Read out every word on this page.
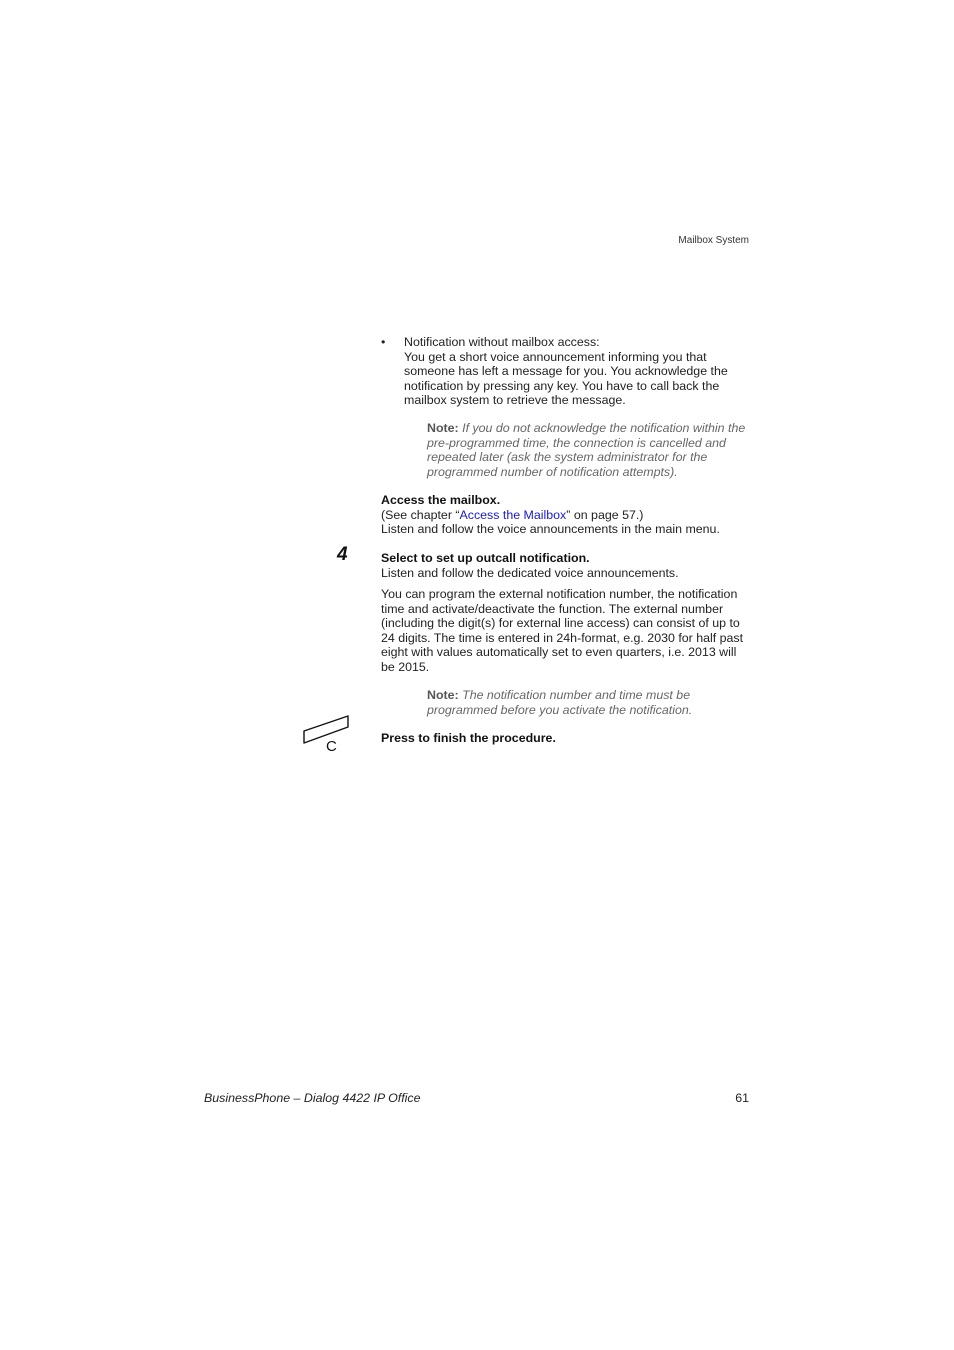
Mailbox System
• Notification without mailbox access:
You get a short voice announcement informing you that
someone has left a message for you. You acknowledge the
notification by pressing any key. You have to call back the
mailbox system to retrieve the message.
Note: If you do not acknowledge the notification within the
pre-programmed time, the connection is cancelled and
repeated later (ask the system administrator for the
programmed number of notification attempts).
Access the mailbox.
(See chapter “Access the Mailbox” on page 57.)
Listen and follow the voice announcements in the main menu.
4	Select to set up outcall notification.
Listen and follow the dedicated voice announcements.
You can program the external notification number, the notification
time and activate/deactivate the function. The external number
(including the digit(s) for external line access) can consist of up to
24 digits. The time is entered in 24h-format, e.g. 2030 for half past
eight with values automatically set to even quarters, i.e. 2013 will
be 2015.
Note: The notification number and time must be
programmed before you activate the notification.
C	Press to finish the procedure.
BusinessPhone – Dialog 4422 IP Office	61
